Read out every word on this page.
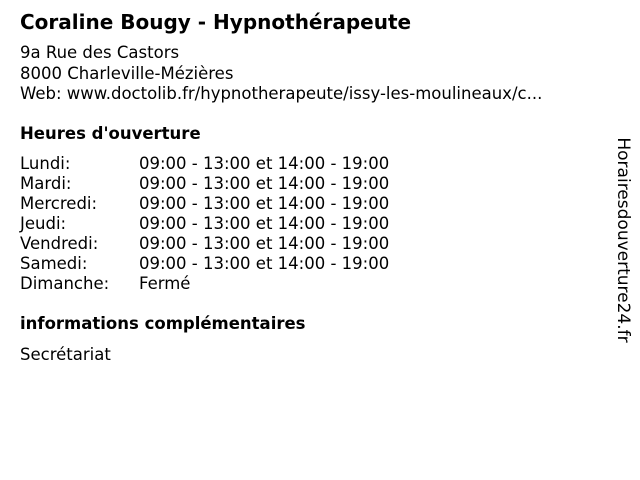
Coraline Bougy - Hypnothérapeute
9a Rue des Castors
8000 Charleville-Mézières
Web: www.doctolib.fr/hypnotherapeute/issy-les-moulineaux/c...
Heures d'ouverture
Lundi:	09:00 - 13:00 et 14:00 - 19:00
Mardi:	09:00 - 13:00 et 14:00 - 19:00
Mercredi:	09:00 - 13:00 et 14:00 - 19:00
Jeudi:	09:00 - 13:00 et 14:00 - 19:00
Vendredi:	09:00 - 13:00 et 14:00 - 19:00
Samedi:	09:00 - 13:00 et 14:00 - 19:00
Dimanche:	Fermé
informations complémentaires
Secrétariat
Horairesdouverture24.fr
